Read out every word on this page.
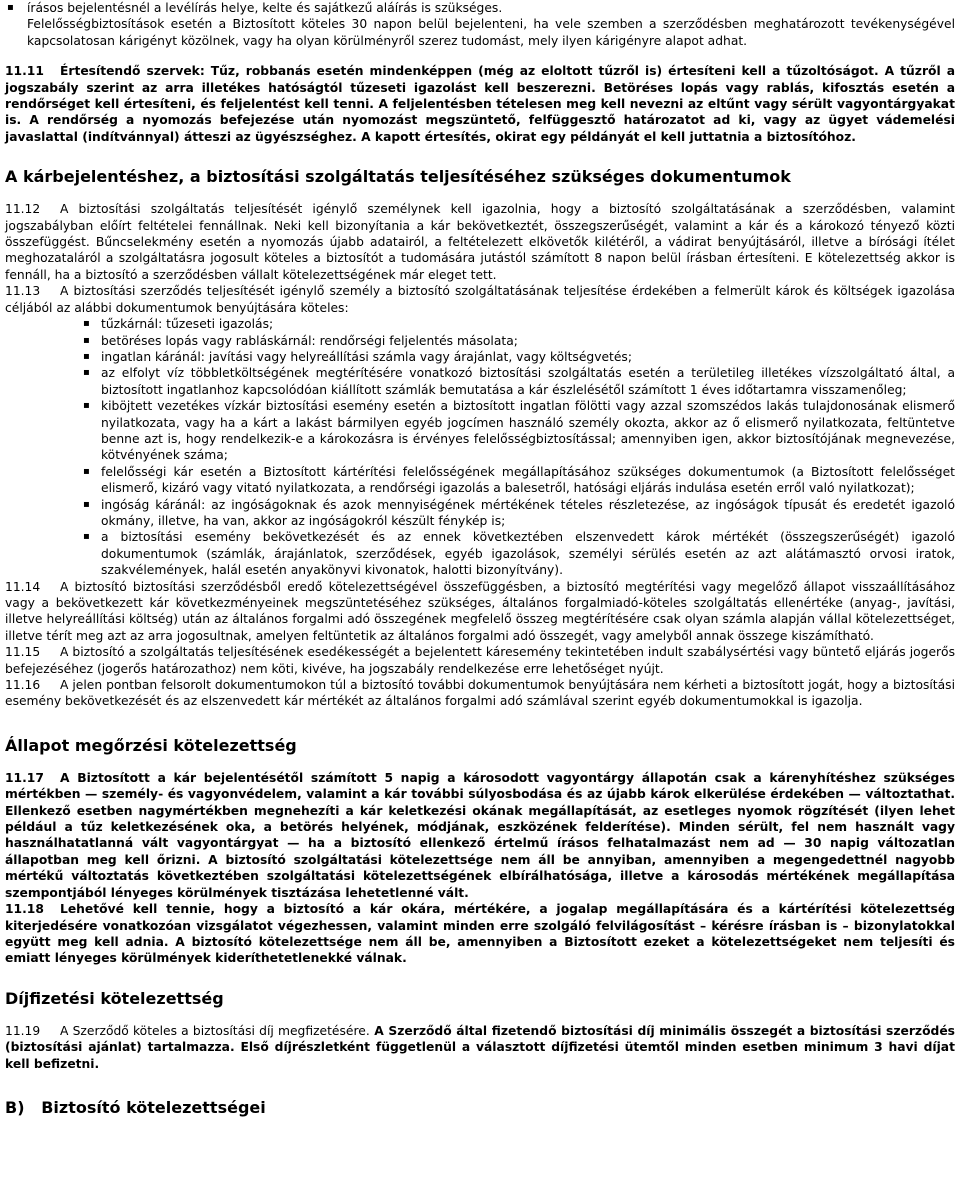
▪ írásos bejelentésnél a levélírás helye, kelte és sajátkezű aláírás is szükséges.

Felelősségbiztosítások esetén a Biztosított köteles 30 napon belül bejelenteni, ha vele szemben a szerződésben meghatározott tevékenységével kapcsolatosan kárigényt közölnek, vagy ha olyan körülményről szerez tudomást, mely ilyen kárigényre alapot adhat.

11.11 Értesítendő szervek: Tűz, robbanás esetén mindenképpen (még az eloltott tűzről is) értesíteni kell a tűzoltóságot. A tűzről a jogszabály szerint az arra illetékes hatóságtól tűzeseti igazolást kell beszerezni. Betöréses lopás vagy rablás, kifosztás esetén a rendőrséget kell értesíteni, és feljelentést kell tenni. A feljelentésben tételesen meg kell nevezni az eltűnt vagy sérült vagyontárgyakat is. A rendőrség a nyomozás befejezése után nyomozást megszüntető, felfüggesztő határozatot ad ki, vagy az ügyet vádemelési javaslattal (indítvánnyal) átteszi az ügyészséghez. A kapott értesítés, okirat egy példányát el kell juttatnia a biztosítóhoz.

A kárbejelentéshez, a biztosítási szolgáltatás teljesítéséhez szükséges dokumentumok

11.12 A biztosítási szolgáltatás teljesítését igénylő személynek kell igazolnia, hogy a biztosító szolgáltatásának a szerződésben, valamint jogszabályban előírt feltételei fennállnak. Neki kell bizonyítania a kár bekövetkeztét, összegszerűségét, valamint a kár és a károkozó tényező közti összefüggést. Bűncselekmény esetén a nyomozás újabb adatairól, a feltételezett elkövetők kilétéről, a vádirat benyújtásáról, illetve a bírósági ítélet meghozataláról a szolgáltatásra jogosult köteles a biztosítót a tudomására jutástól számított 8 napon belül írásban értesíteni. E kötelezettség akkor is fennáll, ha a biztosító a szerződésben vállalt kötelezettségének már eleget tett.

11.13 A biztosítási szerződés teljesítését igénylő személy a biztosító szolgáltatásának teljesítése érdekében a felmerült károk és költségek igazolása céljából az alábbi dokumentumok benyújtására köteles:

▪ tűzkárnál: tűzeseti igazolás;
▪ betöréses lopás vagy rabláskárnál: rendőrségi feljelentés másolata;
▪ ingatlan káránál: javítási vagy helyreállítási számla vagy árajánlat, vagy költségvetés;
▪ az elfolyt víz többletköltségének megtérítésére vonatkozó biztosítási szolgáltatás esetén a területileg illetékes vízszolgáltató által, a biztosított ingatlanhoz kapcsolódóan kiállított számlák bemutatása a kár észlelésétől számított 1 éves időtartamra visszamenőleg;
▪ kiböjtett vezetékes vízkár biztosítási esemény esetén a biztosított ingatlan fölötti vagy azzal szomszédos lakás tulajdonosának elismerő nyilatkozata, vagy ha a kárt a lakást bármilyen egyéb jogcímen használó személy okozta, akkor az ő elismerő nyilatkozata, feltüntetve benne azt is, hogy rendelkezik-e a károkozásra is érvényes felelősségbiztosítással; amennyiben igen, akkor biztosítójának megnevezése, kötvényének száma;
▪ felelősségi kár esetén a Biztosított kártérítési felelősségének megállapításához szükséges dokumentumok (a Biztosított felelősséget elismerő, kizáró vagy vitató nyilatkozata, a rendőrségi igazolás a balesetről, hatósági eljárás indulása esetén erről való nyilatkozat);
▪ ingóság káránál: az ingóságoknak és azok mennyiségének mértékének tételes részletezése, az ingóságok típusát és eredetét igazoló okmány, illetve, ha van, akkor az ingóságokról készült fénykép is;
▪ a biztosítási esemény bekövetkezését és az ennek következtében elszenvedett károk mértékét (összegszerűségét) igazoló dokumentumok (számlák, árajánlatok, szerződések, egyéb igazolások, személyi sérülés esetén az azt alátámasztó orvosi iratok, szakvélemények, halál esetén anyakönyvi kivonatok, halotti bizonyítvány).

11.14 A biztosító biztosítási szerződésből eredő kötelezettségével összefüggésben, a biztosító megtérítési vagy megelőző állapot visszaállításához vagy a bekövetkezett kár következményeinek megszüntetéséhez szükséges, általános forgalmiadó-köteles szolgáltatás ellenértéke (anyag-, javítási, illetve helyreállítási költség) után az általános forgalmi adó összegének megfelelő összeg megtérítésére csak olyan számla alapján vállal kötelezettséget, illetve térít meg azt az arra jogosultnak, amelyen feltüntetik az általános forgalmi adó összegét, vagy amelyből annak összege kiszámítható.

11.15 A biztosító a szolgáltatás teljesítésének esedékességét a bejelentett káresemény tekintetében indult szabálysértési vagy büntető eljárás jogerős befejezéséhez (jogerős határozathoz) nem köti, kivéve, ha jogszabály rendelkezése erre lehetőséget nyújt.

11.16 A jelen pontban felsorolt dokumentumokon túl a biztosító további dokumentumok benyújtására nem kérheti a biztosított jogát, hogy a biztosítási esemény bekövetkezését és az elszenvedett kár mértékét az általános forgalmi adó számlával szerint egyéb dokumentumokkal is igazolja.

Állapot megőrzési kötelezettség

11.17 A Biztosított a kár bejelentésétől számított 5 napig a károsodott vagyontárgy állapotán csak a kárenyhítéshez szükséges mértékben — személy- és vagyonvédelem, valamint a kár további súlyosbodása és az újabb károk elkerülése érdekében — változtathat. Ellenkező esetben nagymértékben megnehezíti a kár keletkezési okának megállapítását, az esetleges nyomok rögzítését (ilyen lehet például a tűz keletkezésének oka, a betörés helyének, módjának, eszközének felderítése). Minden sérült, fel nem használt vagy használhatatlanná vált vagyontárgyat — ha a biztosító ellenkező értelmű írásos felhatalmazást nem ad — 30 napig változatlan állapotban meg kell őrizni. A biztosító szolgáltatási kötelezettsége nem áll be annyiban, amennyiben a megengedettnél nagyobb mértékű változtatás következtében szolgáltatási kötelezettségének elbírálhatósága, illetve a károsodás mértékének megállapítása szempontjából lényeges körülmények tisztázása lehetetlenné vált.

11.18 Lehetővé kell tennie, hogy a biztosító a kár okára, mértékére, a jogalap megállapítására és a kártérítési kötelezettség kiterjedésére vonatkozóan vizsgálatot végezhessen, valamint minden erre szolgáló felvilágosítást – kérésre írásban is – bizonylatokkal együtt meg kell adnia. A biztosító kötelezettsége nem áll be, amennyiben a Biztosított ezeket a kötelezettségeket nem teljesíti és emiatt lényeges körülmények kideríthetetlenekké válnak.

Díjfizetési kötelezettség

11.19 A Szerződő köteles a biztosítási díj megfizetésére. A Szerződő által fizetendő biztosítási díj minimális összegét a biztosítási szerződés (biztosítási ajánlat) tartalmazza. Első díjrészletként függetlenül a választott díjfizetési ütemtől minden esetben minimum 3 havi díjat kell befizetni.

B)   Biztosító kötelezettségei
